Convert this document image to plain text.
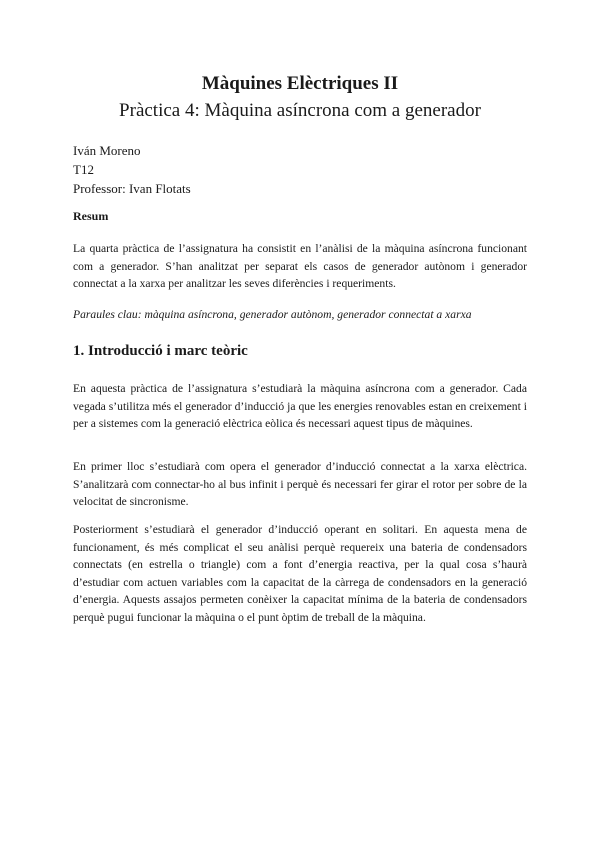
Màquines Elèctriques II
Pràctica 4: Màquina asíncrona com a generador
Iván Moreno
T12
Professor: Ivan Flotats
Resum

La quarta pràctica de l’assignatura ha consistit en l’anàlisi de la màquina asíncrona funcionant com a generador. S’han analitzat per separat els casos de generador autònom i generador connectat a la xarxa per analitzar les seves diferències i requeriments.

Paraules clau: màquina asíncrona, generador autònom, generador connectat a xarxa
1. Introducció i marc teòric

En aquesta pràctica de l’assignatura s’estudiarà la màquina asíncrona com a generador. Cada vegada s’utilitza més el generador d’inducció ja que les energies renovables estan en creixement i per a sistemes com la generació elèctrica eòlica és necessari aquest tipus de màquines.

En primer lloc s’estudiarà com opera el generador d’inducció connectat a la xarxa elèctrica. S’analitzarà com connectar-ho al bus infinit i perquè és necessari fer girar el rotor per sobre de la velocitat de sincronisme.

Posteriorment s’estudiarà el generador d’inducció operant en solitari. En aquesta mena de funcionament, és més complicat el seu anàlisi perquè requereix una bateria de condensadors connectats (en estrella o triangle) com a font d’energia reactiva, per la qual cosa s’haurà d’estudiar com actuen variables com la capacitat de la càrrega de condensadors en la generació d’energia. Aquests assajos permeten conèixer la capacitat mínima de la bateria de condensadors perquè pugui funcionar la màquina o el punt òptim de treball de la màquina.
